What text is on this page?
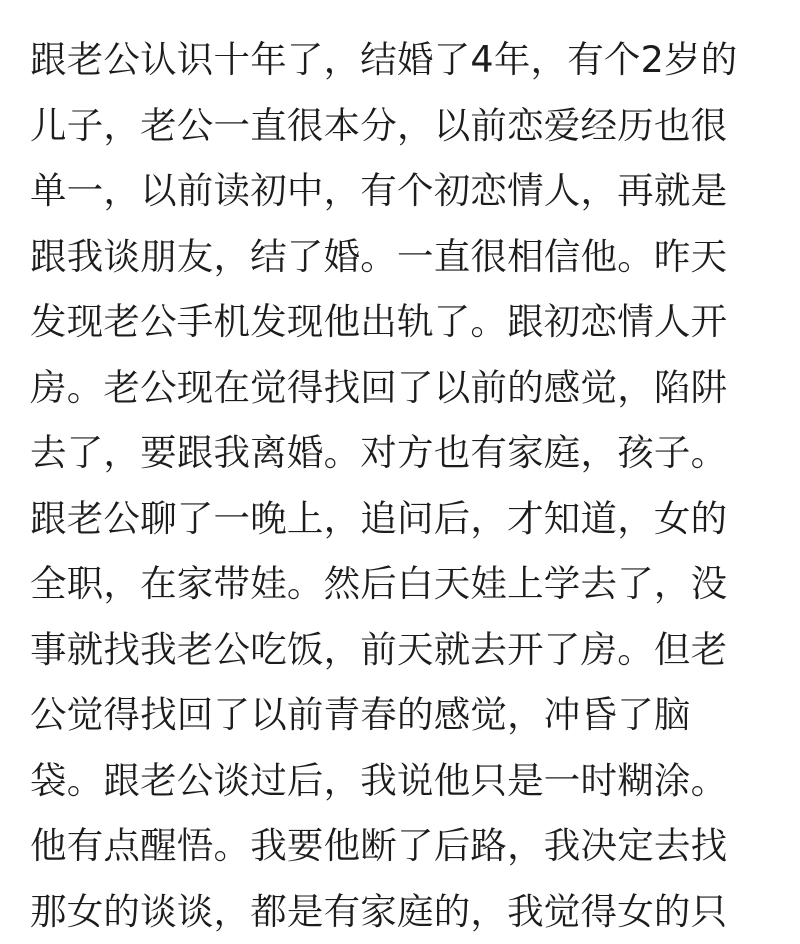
跟老公认识十年了，结婚了4年，有个2岁的
儿子，老公一直很本分，以前恋爱经历也很
单一，以前读初中，有个初恋情人，再就是
跟我谈朋友，结了婚。一直很相信他。昨天
发现老公手机发现他出轨了。跟初恋情人开
房。老公现在觉得找回了以前的感觉，陷阱
去了，要跟我离婚。对方也有家庭，孩子。
跟老公聊了一晚上，追问后，才知道，女的
全职，在家带娃。然后白天娃上学去了，没
事就找我老公吃饭，前天就去开了房。但老
公觉得找回了以前青春的感觉，冲昏了脑
袋。跟老公谈过后，我说他只是一时糊涂。
他有点醒悟。我要他断了后路，我决定去找
那女的谈谈，都是有家庭的，我觉得女的只
